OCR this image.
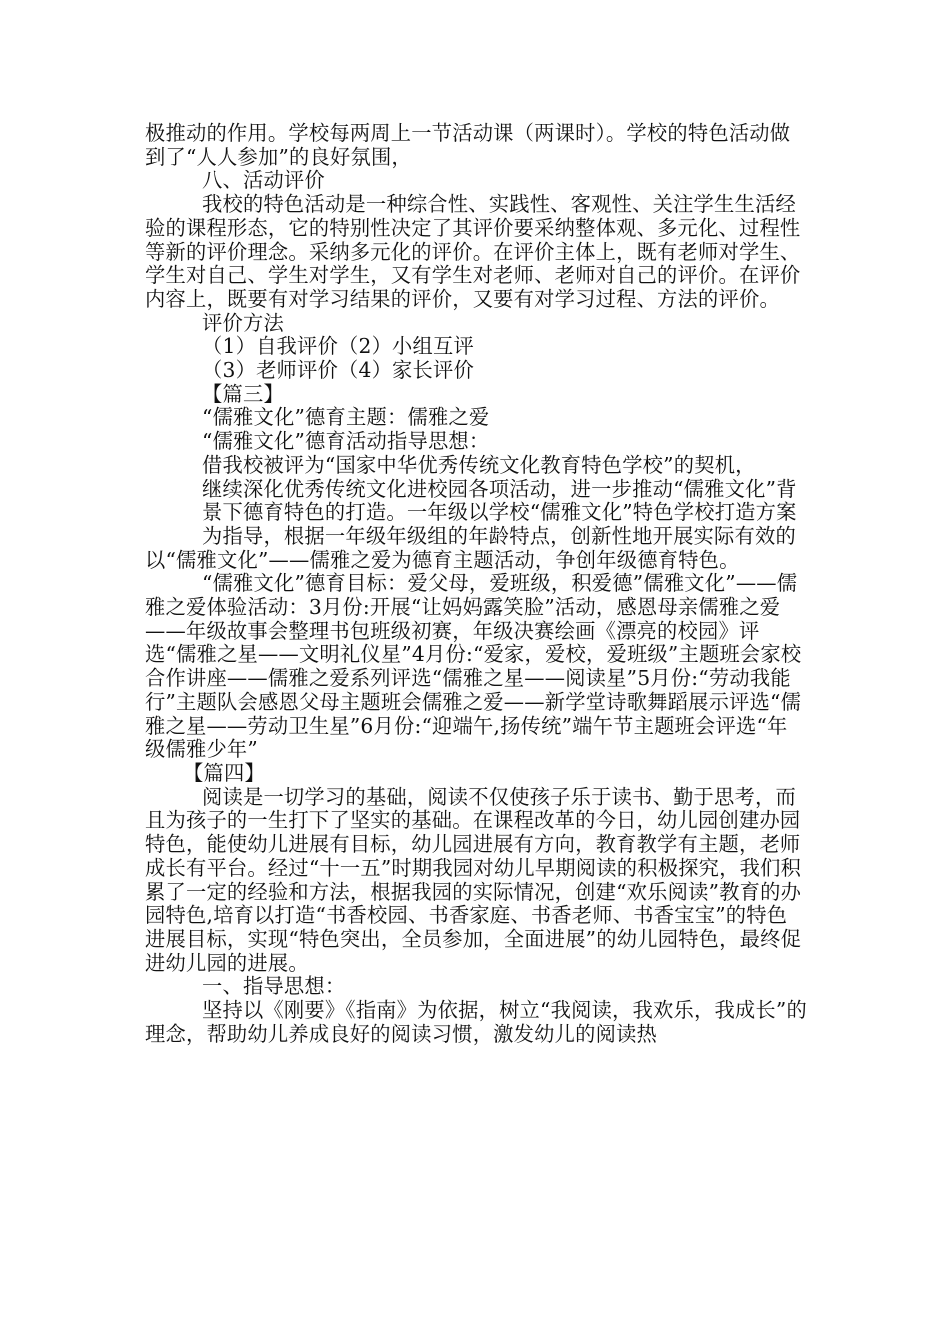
极推动的作用。学校每两周上一节活动课（两课时）。学校的特色活动做到了“人人参加”的良好氛围，

八、活动评价

我校的特色活动是一种综合性、实践性、客观性、关注学生生活经验的课程形态，它的特别性决定了其评价要采纳整体观、多元化、过程性等新的评价理念。采纳多元化的评价。在评价主体上，既有老师对学生、学生对自己、学生对学生，又有学生对老师、老师对自己的评价。在评价内容上，既要有对学习结果的评价，又要有对学习过程、方法的评价。

评价方法

（1）自我评价（2）小组互评

（3）老师评价（4）家长评价

【篇三】

“儒雅文化”德育主题：儒雅之爱

“儒雅文化”德育活动指导思想：

借我校被评为“国家中华优秀传统文化教育特色学校”的契机，

继续深化优秀传统文化进校园各项活动，进一步推动“儒雅文化”背

景下德育特色的打造。一年级以学校“儒雅文化”特色学校打造方案

为指导，根据一年级年级组的年龄特点，创新性地开展实际有效的以“儒雅文化”——儒雅之爱为德育主题活动，争创年级德育特色。

“儒雅文化”德育目标：爱父母，爱班级，积爱德”儒雅文化”——儒雅之爱体验活动：3月份:开展“让妈妈露笑脸”活动，感恩母亲儒雅之爱——年级故事会整理书包班级初赛，年级决赛绘画《漂亮的校园》评选“儒雅之星——文明礼仪星”4月份:“爱家，爱校，爱班级”主题班会家校合作讲座——儒雅之爱系列评选“儒雅之星——阅读星”5月份:“劳动我能行”主题队会感恩父母主题班会儒雅之爱——新学堂诗歌舞蹈展示评选“儒雅之星——劳动卫生星”6月份:“迎端午,扬传统”端午节主题班会评选“年级儒雅少年”

【篇四】

阅读是一切学习的基础，阅读不仅使孩子乐于读书、勤于思考，而且为孩子的一生打下了坚实的基础。在课程改革的今日，幼儿园创建办园特色，能使幼儿进展有目标，幼儿园进展有方向，教育教学有主题，老师成长有平台。经过“十一五”时期我园对幼儿早期阅读的积极探究，我们积累了一定的经验和方法，根据我园的实际情况，创建“欢乐阅读”教育的办园特色,培育以打造“书香校园、书香家庭、书香老师、书香宝宝”的特色进展目标，实现“特色突出，全员参加，全面进展”的幼儿园特色，最终促进幼儿园的进展。

一、指导思想：

坚持以《刚要》《指南》为依据，树立“我阅读，我欢乐，我成长”的理念，帮助幼儿养成良好的阅读习惯，激发幼儿的阅读热
